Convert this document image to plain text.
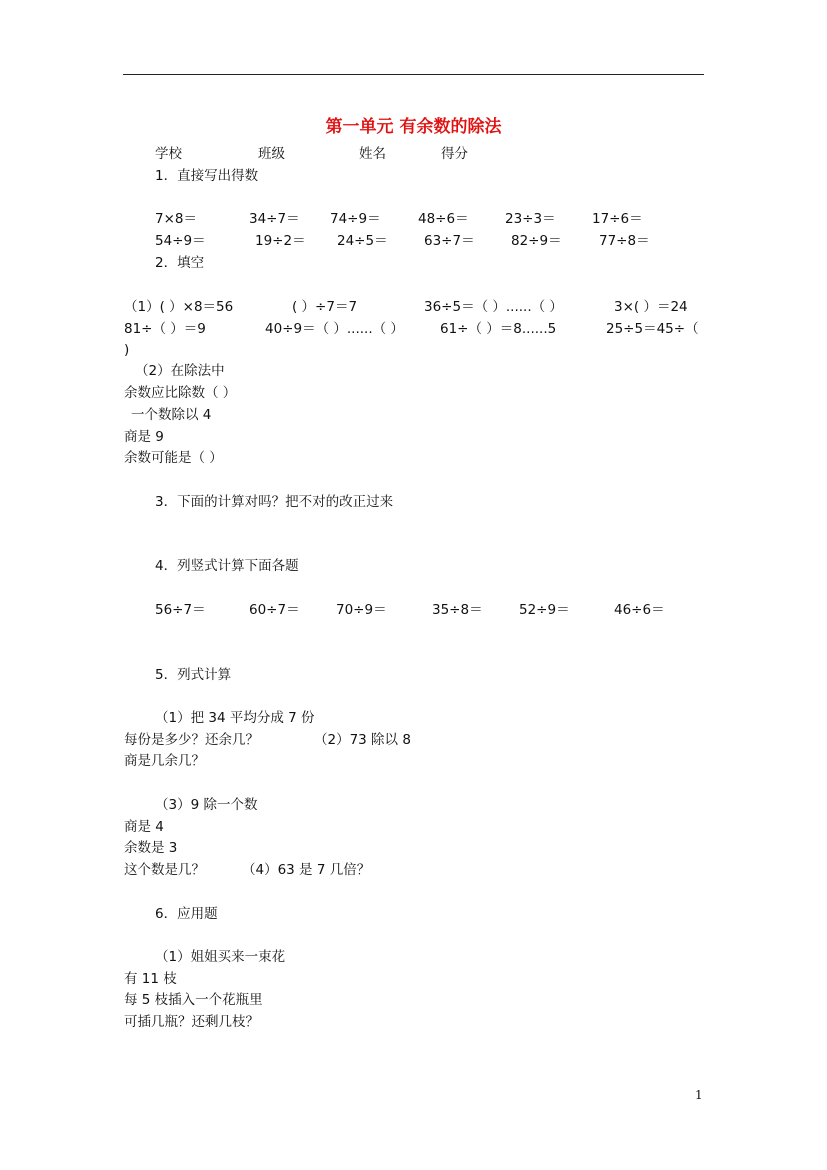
第一单元 有余数的除法
学校	班级	姓名	得分
1．直接写出得数
7×8＝	34÷7＝ 74÷9＝	48÷6＝	23÷3＝	17÷6＝
54÷9＝	19÷2＝ 24÷5＝	63÷7＝	82÷9＝	77÷8＝
2．填空
（1）( ）×8＝56	( ）÷7＝7	36÷5＝（ ）......（ ）	3×( ）＝24
81÷（ ）＝9	40÷9＝（ ）......（ ）	61÷（ ）＝8......5	25÷5＝45÷（
)
（2）在除法中
余数应比除数（ ）
一个数除以 4
商是 9
余数可能是（ ）
3．下面的计算对吗？把不对的改正过来
4．列竖式计算下面各题
56÷7＝	60÷7＝	70÷9＝	35÷8＝	52÷9＝	46÷6＝
5．列式计算
（1）把 34 平均分成 7 份
每份是多少？还余几？	（2）73 除以 8
商是几余几？
（3）9 除一个数
商是 4
余数是 3
这个数是几？	（4）63 是 7 几倍？
6．应用题
（1）姐姐买来一束花
有 11 枝
每 5 枝插入一个花瓶里
可插几瓶？还剩几枝？
1
